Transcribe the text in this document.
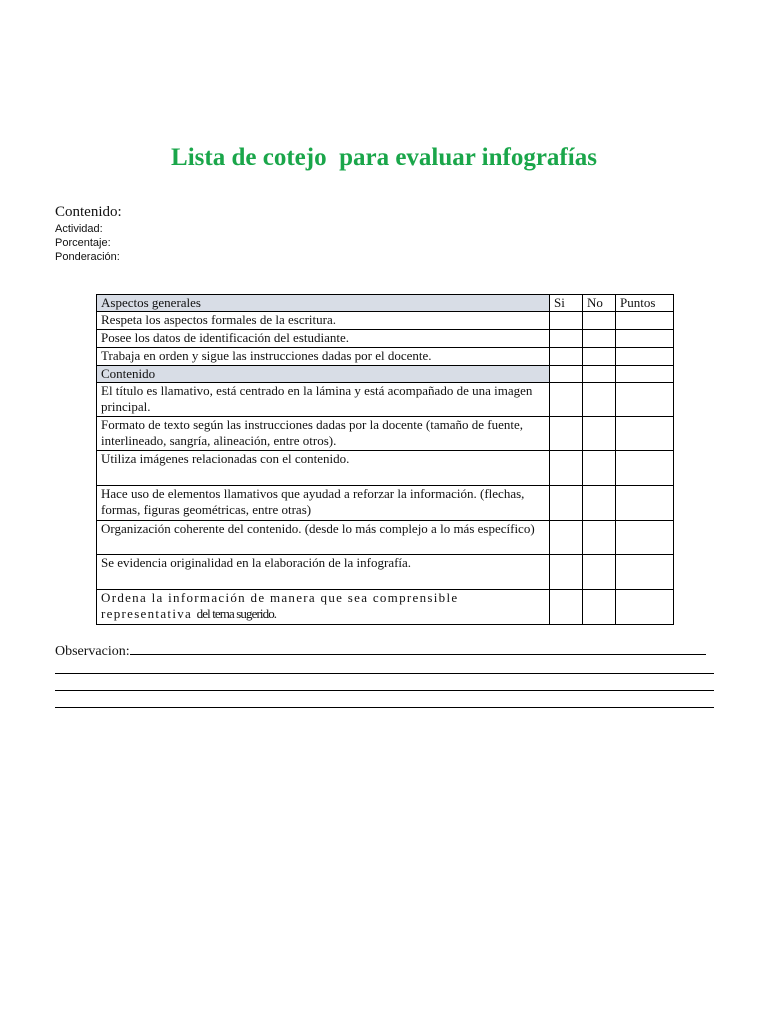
Lista de cotejo  para evaluar infografías
Contenido:
Actividad:
Porcentaje:
Ponderación:
Aspectos generales	Si	No	Puntos
Respeta los aspectos formales de la escritura.			
Posee los datos de identificación del estudiante.			
Trabaja en orden y sigue las instrucciones dadas por el docente.			
Contenido			
El título es llamativo, está centrado en la lámina y está acompañado de una imagen principal.			
Formato de texto según las instrucciones dadas por la docente (tamaño de fuente, interlineado, sangría, alineación, entre otros).			
Utiliza imágenes relacionadas con el contenido.			
Hace uso de elementos llamativos que ayudad a reforzar la información. (flechas, formas, figuras geométricas, entre otras)			
Organización coherente del contenido. (desde lo más complejo a lo más específico)			
Se evidencia originalidad en la elaboración de la infografía.			
Ordena la información de manera que sea comprensible representativa del tema sugerido.			
Observacion:
